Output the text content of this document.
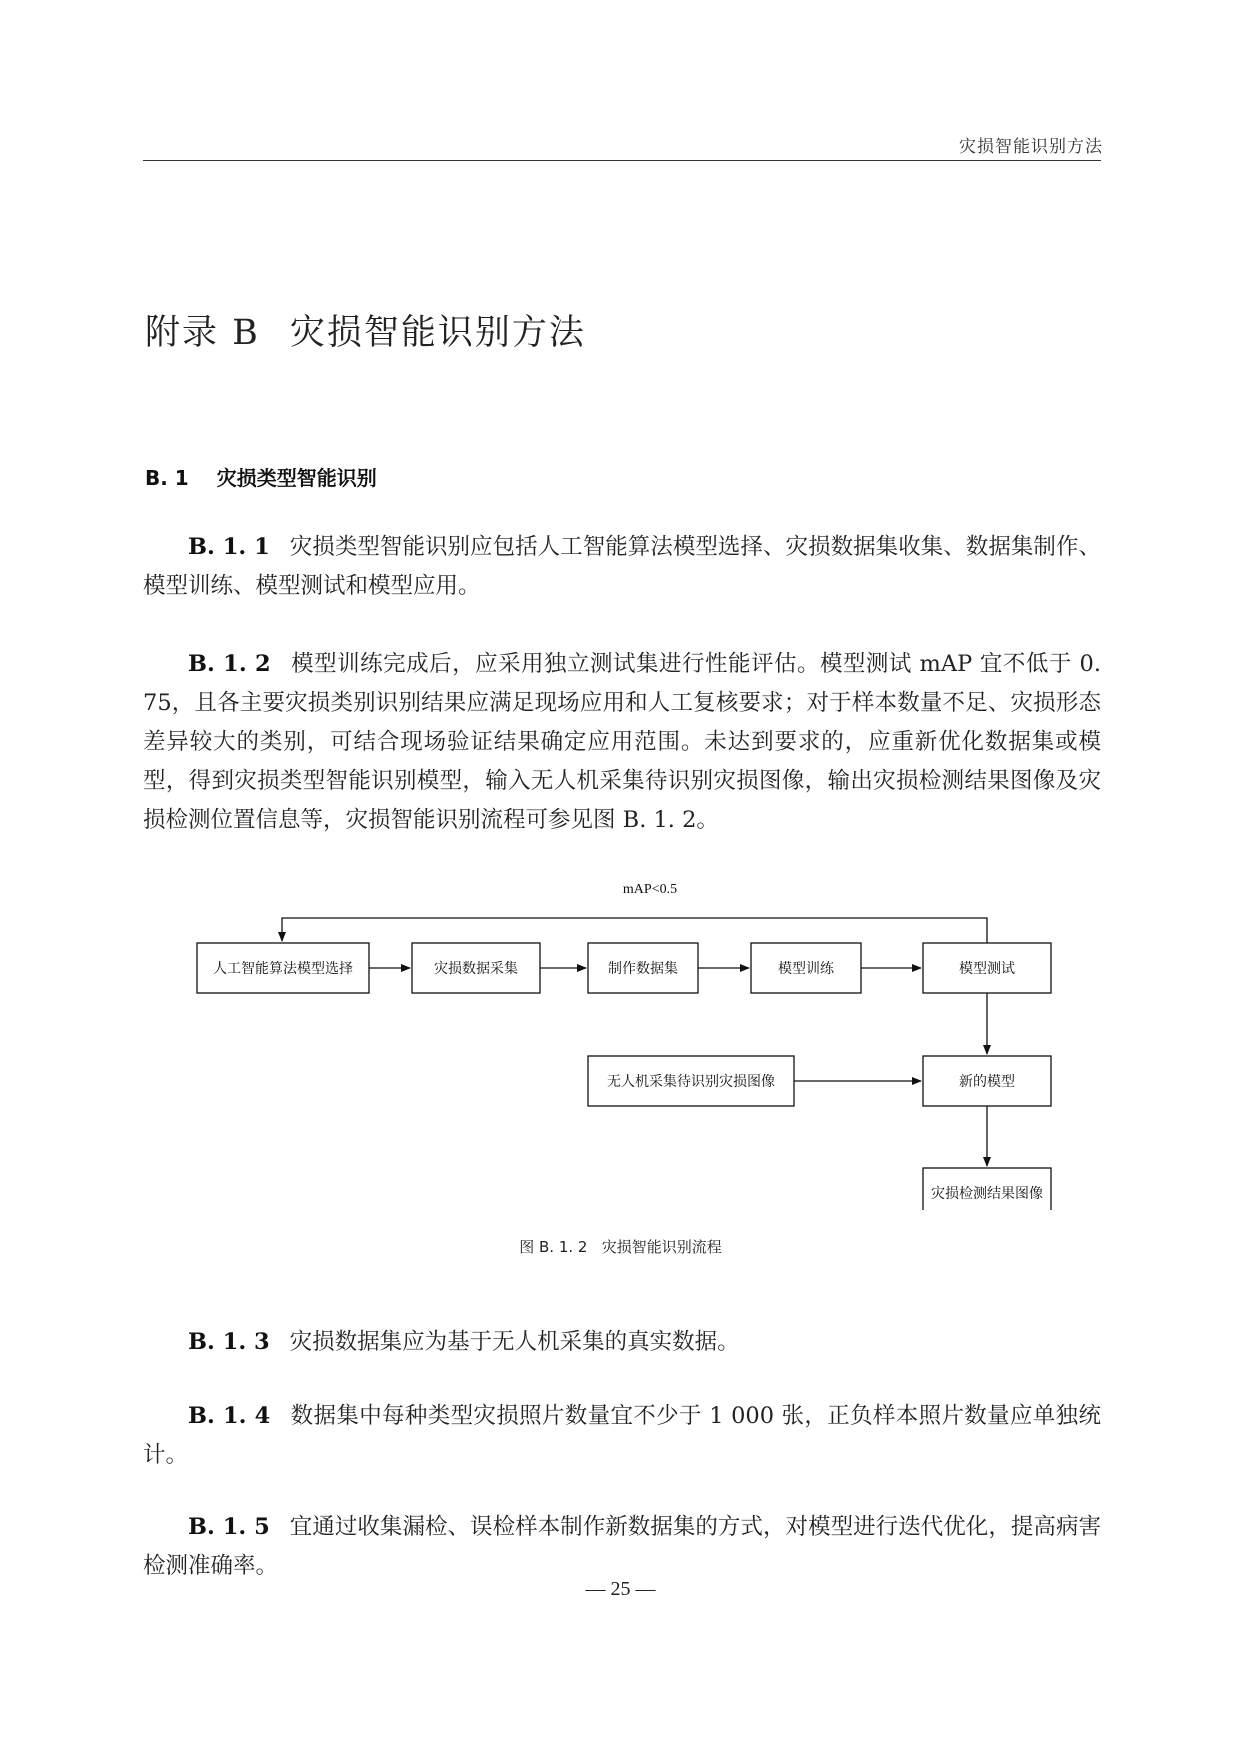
灾损智能识别方法
附录 B 灾损智能识别方法
B. 1 灾损类型智能识别

B. 1. 1 灾损类型智能识别应包括人工智能算法模型选择、灾损数据集收集、数据集制作、模型训练、模型测试和模型应用。

B. 1. 2 模型训练完成后，应采用独立测试集进行性能评估。模型测试 mAP 宜不低于 0. 75，且各主要灾损类别识别结果应满足现场应用和人工复核要求；对于样本数量不足、灾损形态差异较大的类别，可结合现场验证结果确定应用范围。未达到要求的，应重新优化数据集或模型，得到灾损类型智能识别模型，输入无人机采集待识别灾损图像，输出灾损检测结果图像及灾损检测位置信息等，灾损智能识别流程可参见图 B. 1. 2。

mAP<0.5
人工智能算法模型选择	灾损数据采集	制作数据集	模型训练	模型测试
无人机采集待识别灾损图像	新的模型
灾损检测结果图像
图 B. 1. 2 灾损智能识别流程

B. 1. 3 灾损数据集应为基于无人机采集的真实数据。

B. 1. 4 数据集中每种类型灾损照片数量宜不少于 1 000 张，正负样本照片数量应单独统计。

B. 1. 5 宜通过收集漏检、误检样本制作新数据集的方式，对模型进行迭代优化，提高病害检测准确率。

— 25 —
